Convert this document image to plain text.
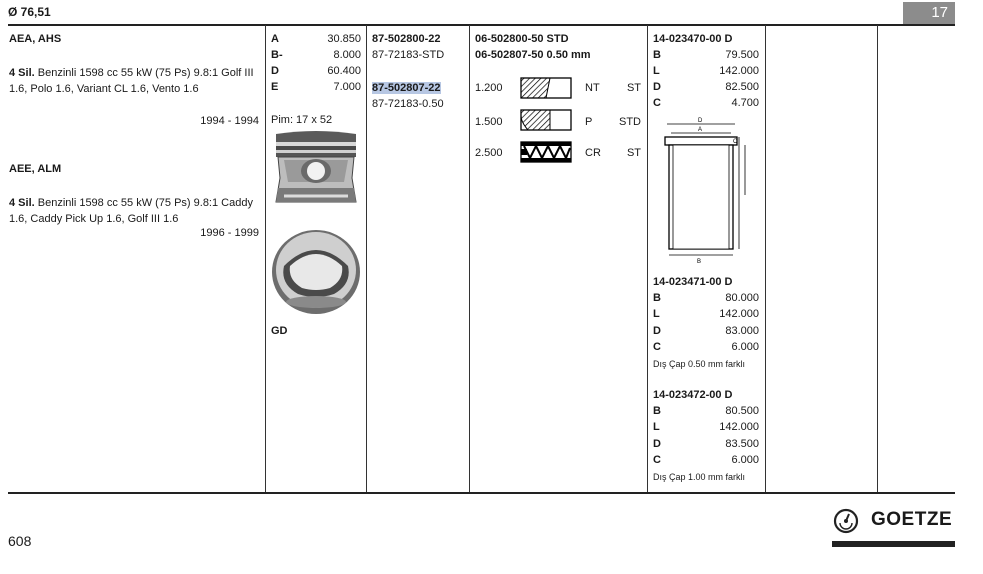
Ø 76,51	17
AEA, AHS
4 Sil. Benzinli 1598 cc 55 kW (75 Ps) 9.8:1 Golf III 1.6, Polo 1.6, Variant CL 1.6, Vento 1.6
1994 - 1994
AEE, ALM
4 Sil. Benzinli 1598 cc 55 kW (75 Ps) 9.8:1 Caddy 1.6, Caddy Pick Up 1.6, Golf III 1.6
1996 - 1999
A	30.850
B-	8.000
D	60.400
E	7.000
Pim: 17 x 52
GD
87-502800-22
87-72183-STD
87-502807-22
87-72183-0.50
06-502800-50 STD
06-502807-50 0.50 mm
1.200	NT	ST
1.500	P	STD
2.500	CR	ST
14-023470-00 D
B	79.500
L	142.000
D	82.500
C	4.700
D
A
C
B
14-023471-00 D
B	80.000
L	142.000
D	83.000
C	6.000
Dış Çap 0.50 mm farklı
14-023472-00 D
B	80.500
L	142.000
D	83.500
C	6.000
Dış Çap 1.00 mm farklı
608
GOETZE
